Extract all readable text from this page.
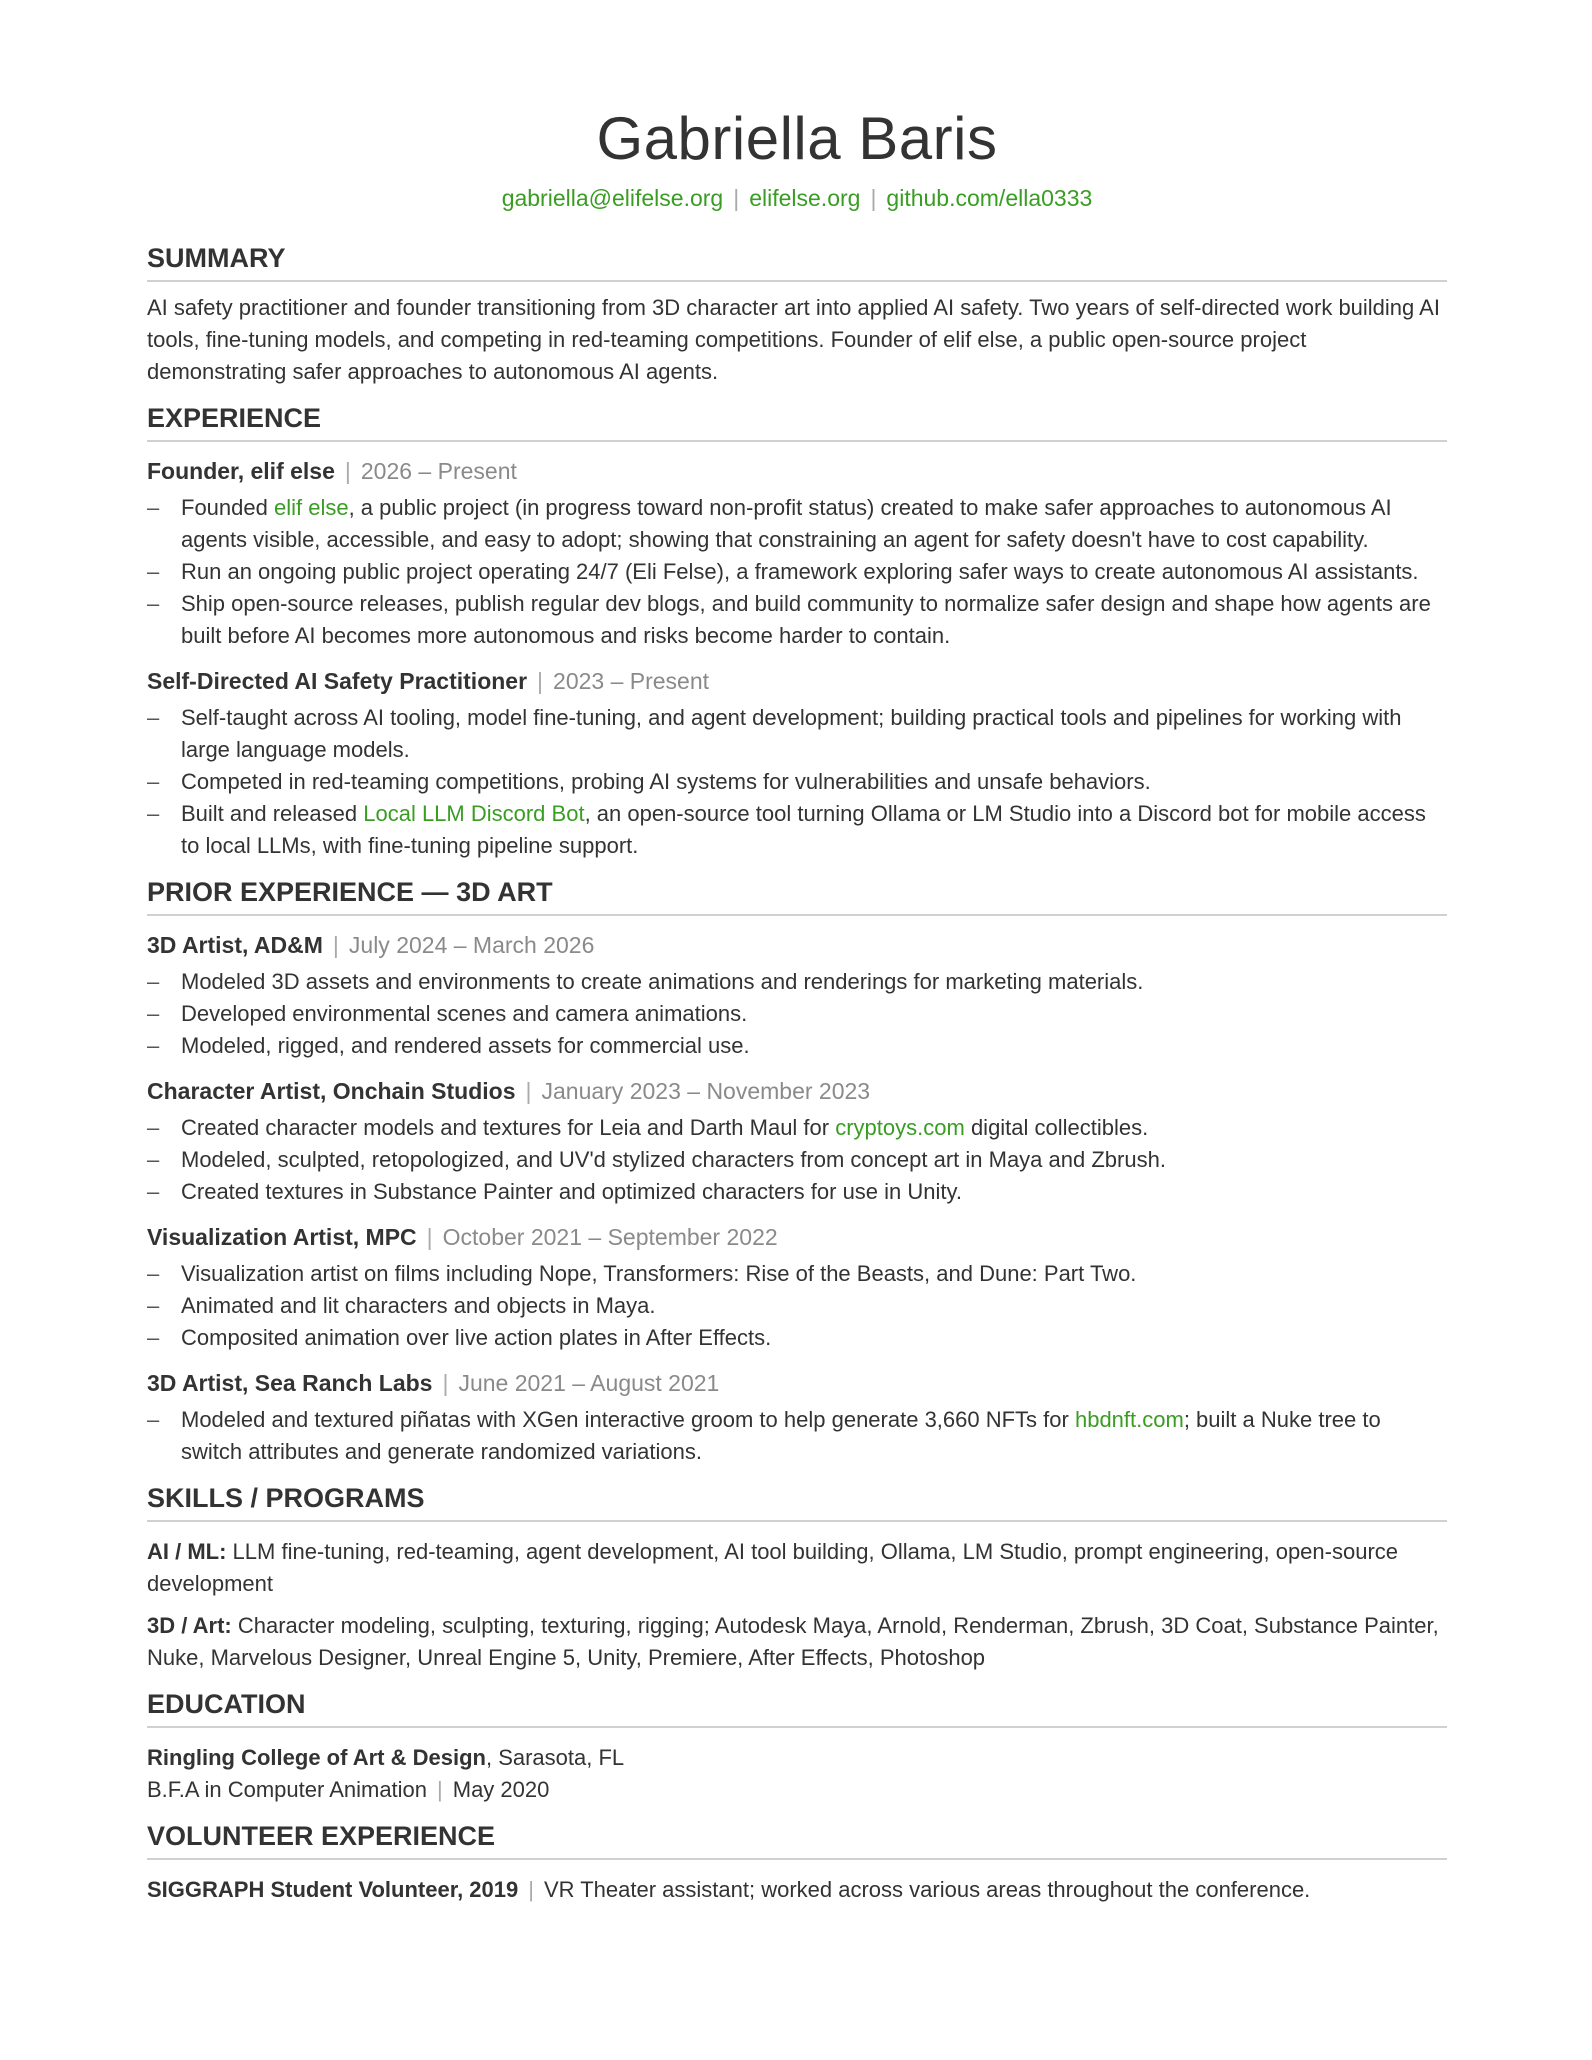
Gabriella Baris
gabriella@elifelse.org | elifelse.org | github.com/ella0333
SUMMARY

AI safety practitioner and founder transitioning from 3D character art into applied AI safety. Two years of self-directed work building AI tools, fine-tuning models, and competing in red-teaming competitions. Founder of elif else, a public open-source project demonstrating safer approaches to autonomous AI agents.

EXPERIENCE
Founder, elif else | 2026 – Present
– Founded elif else, a public project (in progress toward non-profit status) created to make safer approaches to autonomous AI agents visible, accessible, and easy to adopt; showing that constraining an agent for safety doesn't have to cost capability.
– Run an ongoing public project operating 24/7 (Eli Felse), a framework exploring safer ways to create autonomous AI assistants.
– Ship open-source releases, publish regular dev blogs, and build community to normalize safer design and shape how agents are built before AI becomes more autonomous and risks become harder to contain.
Self-Directed AI Safety Practitioner | 2023 – Present
– Self-taught across AI tooling, model fine-tuning, and agent development; building practical tools and pipelines for working with large language models.
– Competed in red-teaming competitions, probing AI systems for vulnerabilities and unsafe behaviors.
– Built and released Local LLM Discord Bot, an open-source tool turning Ollama or LM Studio into a Discord bot for mobile access to local LLMs, with fine-tuning pipeline support.
PRIOR EXPERIENCE — 3D ART
3D Artist, AD&M | July 2024 – March 2026
– Modeled 3D assets and environments to create animations and renderings for marketing materials.
– Developed environmental scenes and camera animations.
– Modeled, rigged, and rendered assets for commercial use.
Character Artist, Onchain Studios | January 2023 – November 2023
– Created character models and textures for Leia and Darth Maul for cryptoys.com digital collectibles.
– Modeled, sculpted, retopologized, and UV'd stylized characters from concept art in Maya and Zbrush.
– Created textures in Substance Painter and optimized characters for use in Unity.
Visualization Artist, MPC | October 2021 – September 2022
– Visualization artist on films including Nope, Transformers: Rise of the Beasts, and Dune: Part Two.
– Animated and lit characters and objects in Maya.
– Composited animation over live action plates in After Effects.
3D Artist, Sea Ranch Labs | June 2021 – August 2021
– Modeled and textured piñatas with XGen interactive groom to help generate 3,660 NFTs for hbdnft.com; built a Nuke tree to switch attributes and generate randomized variations.
SKILLS / PROGRAMS
AI / ML: LLM fine-tuning, red-teaming, agent development, AI tool building, Ollama, LM Studio, prompt engineering, open-source development
3D / Art: Character modeling, sculpting, texturing, rigging; Autodesk Maya, Arnold, Renderman, Zbrush, 3D Coat, Substance Painter, Nuke, Marvelous Designer, Unreal Engine 5, Unity, Premiere, After Effects, Photoshop
EDUCATION
Ringling College of Art & Design, Sarasota, FL
B.F.A in Computer Animation | May 2020
VOLUNTEER EXPERIENCE
SIGGRAPH Student Volunteer, 2019 | VR Theater assistant; worked across various areas throughout the conference.
